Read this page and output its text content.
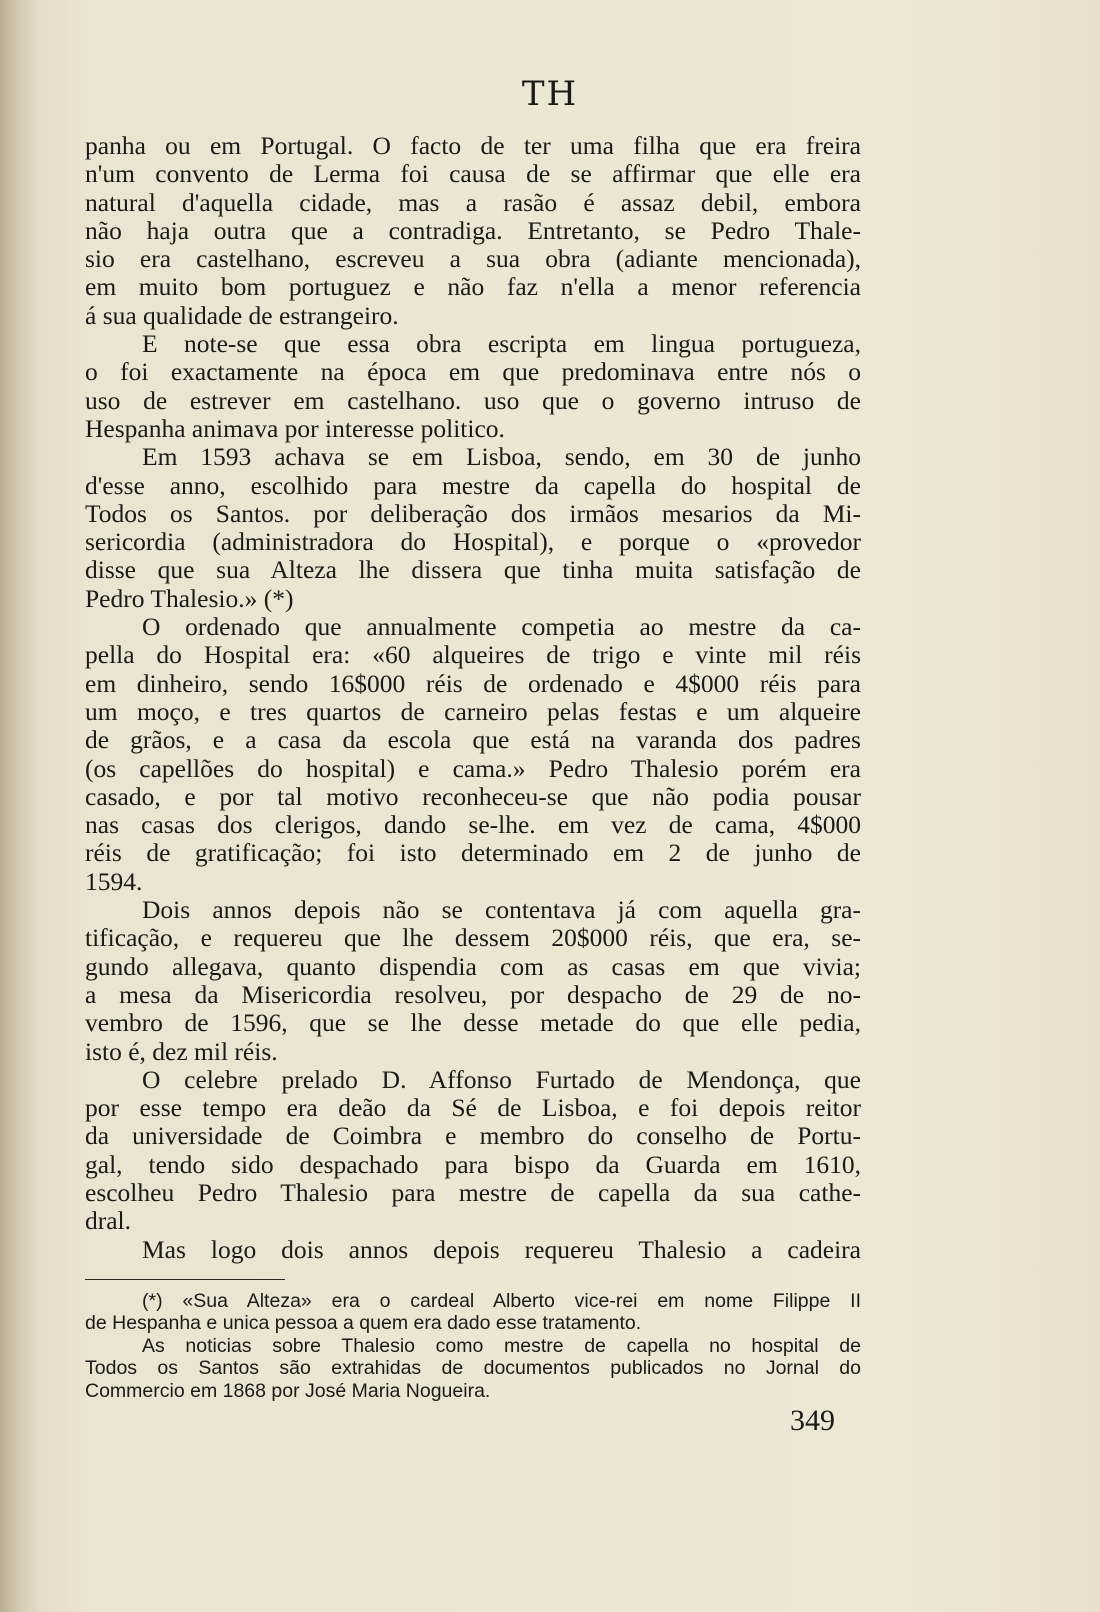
TH
panha ou em Portugal. O facto de ter uma filha que era freira
n'um convento de Lerma foi causa de se affirmar que elle era
natural d'aquella cidade, mas a rasão é assaz debil, embora
não haja outra que a contradiga. Entretanto, se Pedro Thale-
sio era castelhano, escreveu a sua obra (adiante mencionada),
em muito bom portuguez e não faz n'ella a menor referencia
á sua qualidade de estrangeiro.
E note-se que essa obra escripta em lingua portugueza,
o foi exactamente na época em que predominava entre nós o
uso de estrever em castelhano. uso que o governo intruso de
Hespanha animava por interesse politico.
Em 1593 achava se em Lisboa, sendo, em 30 de junho
d'esse anno, escolhido para mestre da capella do hospital de
Todos os Santos. por deliberação dos irmãos mesarios da Mi-
sericordia (administradora do Hospital), e porque o «provedor
disse que sua Alteza lhe dissera que tinha muita satisfação de
Pedro Thalesio.» (*)
O ordenado que annualmente competia ao mestre da ca-
pella do Hospital era: «60 alqueires de trigo e vinte mil réis
em dinheiro, sendo 16$000 réis de ordenado e 4$000 réis para
um moço, e tres quartos de carneiro pelas festas e um alqueire
de grãos, e a casa da escola que está na varanda dos padres
(os capellões do hospital) e cama.» Pedro Thalesio porém era
casado, e por tal motivo reconheceu-se que não podia pousar
nas casas dos clerigos, dando se-lhe. em vez de cama, 4$000
réis de gratificação; foi isto determinado em 2 de junho de
1594.
Dois annos depois não se contentava já com aquella gra-
tificação, e requereu que lhe dessem 20$000 réis, que era, se-
gundo allegava, quanto dispendia com as casas em que vivia;
a mesa da Misericordia resolveu, por despacho de 29 de no-
vembro de 1596, que se lhe desse metade do que elle pedia,
isto é, dez mil réis.
O celebre prelado D. Affonso Furtado de Mendonça, que
por esse tempo era deão da Sé de Lisboa, e foi depois reitor
da universidade de Coimbra e membro do conselho de Portu-
gal, tendo sido despachado para bispo da Guarda em 1610,
escolheu Pedro Thalesio para mestre de capella da sua cathe-
dral.
Mas logo dois annos depois requereu Thalesio a cadeira
(*) «Sua Alteza» era o cardeal Alberto vice-rei em nome Filippe II
de Hespanha e unica pessoa a quem era dado esse tratamento.
As noticias sobre Thalesio como mestre de capella no hospital de
Todos os Santos são extrahidas de documentos publicados no Jornal do
Commercio em 1868 por José Maria Nogueira.
349
